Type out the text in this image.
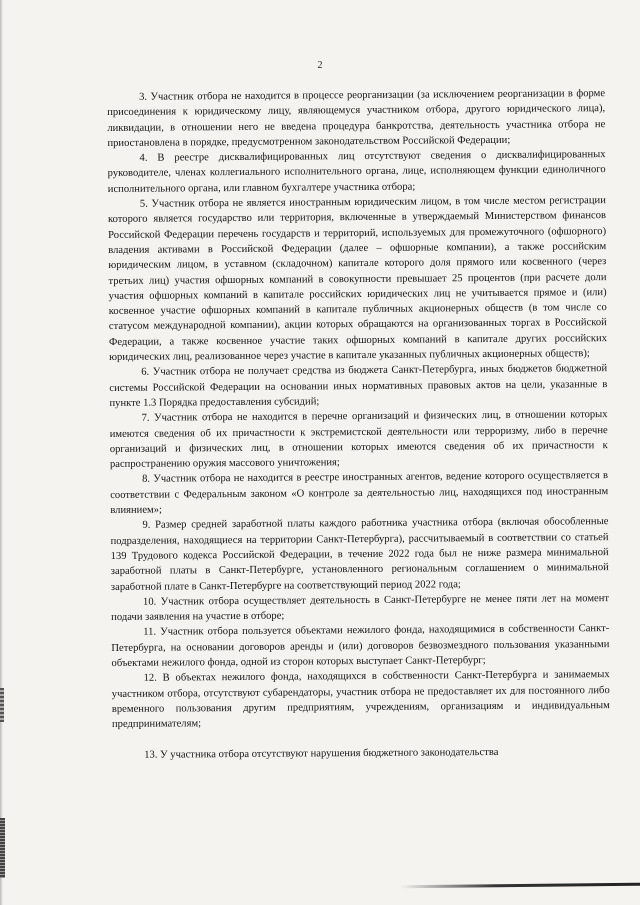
2

3. Участник отбора не находится в процессе реорганизации (за исключением реорганизации в форме присоединения к юридическому лицу, являющемуся участником отбора, другого юридического лица), ликвидации, в отношении него не введена процедура банкротства, деятельность участника отбора не приостановлена в порядке, предусмотренном законодательством Российской Федерации;

4. В реестре дисквалифицированных лиц отсутствуют сведения о дисквалифицированных руководителе, членах коллегиального исполнительного органа, лице, исполняющем функции единоличного исполнительного органа, или главном бухгалтере участника отбора;

5. Участник отбора не является иностранным юридическим лицом, в том числе местом регистрации которого является государство или территория, включенные в утверждаемый Министерством финансов Российской Федерации перечень государств и территорий, используемых для промежуточного (офшорного) владения активами в Российской Федерации (далее – офшорные компании), а также российским юридическим лицом, в уставном (складочном) капитале которого доля прямого или косвенного (через третьих лиц) участия офшорных компаний в совокупности превышает 25 процентов (при расчете доли участия офшорных компаний в капитале российских юридических лиц не учитывается прямое и (или) косвенное участие офшорных компаний в капитале публичных акционерных обществ (в том числе со статусом международной компании), акции которых обращаются на организованных торгах в Российской Федерации, а также косвенное участие таких офшорных компаний в капитале других российских юридических лиц, реализованное через участие в капитале указанных публичных акционерных обществ);

6. Участник отбора не получает средства из бюджета Санкт-Петербурга, иных бюджетов бюджетной системы Российской Федерации на основании иных нормативных правовых актов на цели, указанные в пункте 1.3 Порядка предоставления субсидий;

7. Участник отбора не находится в перечне организаций и физических лиц, в отношении которых имеются сведения об их причастности к экстремистской деятельности или терроризму, либо в перечне организаций и физических лиц, в отношении которых имеются сведения об их причастности к распространению оружия массового уничтожения;

8. Участник отбора не находится в реестре иностранных агентов, ведение которого осуществляется в соответствии с Федеральным законом «О контроле за деятельностью лиц, находящихся под иностранным влиянием»;

9. Размер средней заработной платы каждого работника участника отбора (включая обособленные подразделения, находящиеся на территории Санкт-Петербурга), рассчитываемый в соответствии со статьей 139 Трудового кодекса Российской Федерации, в течение 2022 года был не ниже размера минимальной заработной платы в Санкт-Петербурге, установленного региональным соглашением о минимальной заработной плате в Санкт-Петербурге на соответствующий период 2022 года;

10. Участник отбора осуществляет деятельность в Санкт-Петербурге не менее пяти лет на момент подачи заявления на участие в отборе;

11. Участник отбора пользуется объектами нежилого фонда, находящимися в собственности Санкт-Петербурга, на основании договоров аренды и (или) договоров безвозмездного пользования указанными объектами нежилого фонда, одной из сторон которых выступает Санкт-Петербург;

12. В объектах нежилого фонда, находящихся в собственности Санкт-Петербурга и занимаемых участником отбора, отсутствуют субарендаторы, участник отбора не предоставляет их для постоянного либо временного пользования другим предприятиям, учреждениям, организациям и индивидуальным предпринимателям;

13. У участника отбора отсутствуют нарушения бюджетного законодательства
